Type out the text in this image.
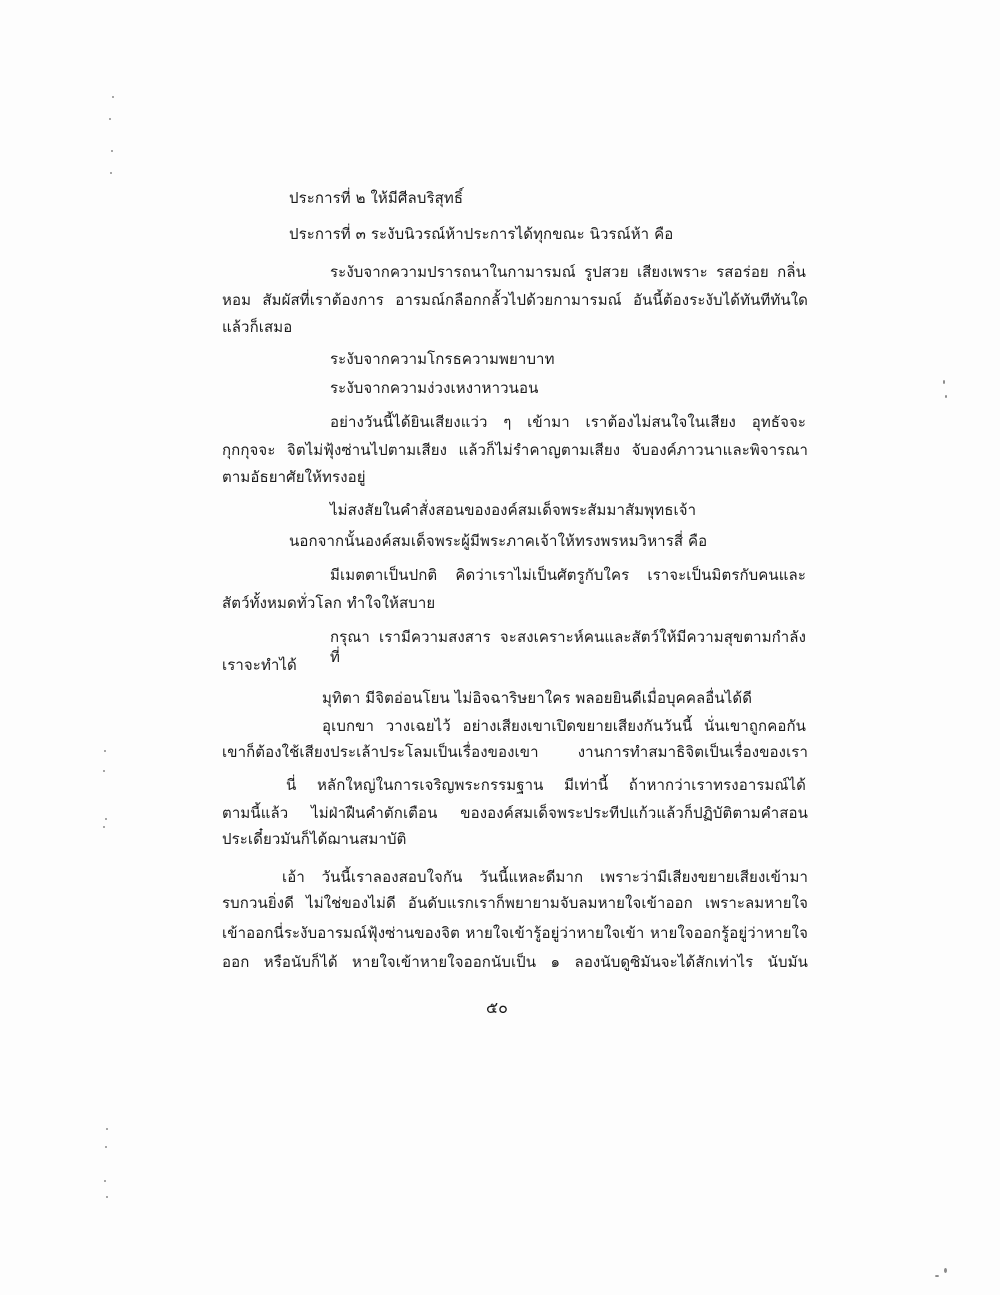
ประการที่ ๒ ให้มีศีลบริสุทธิ์
ประการที่ ๓ ระงับนิวรณ์ห้าประการได้ทุกขณะ นิวรณ์ห้า คือ
ระงับจากความปรารถนาในกามารมณ์ รูปสวย เสียงเพราะ รสอร่อย กลิ่น
หอม สัมผัสที่เราต้องการ อารมณ์กลือกกลั้วไปด้วยกามารมณ์ อันนี้ต้องระงับได้ทันทีทันใด
แล้วก็เสมอ
ระงับจากความโกรธความพยาบาท
ระงับจากความง่วงเหงาหาวนอน
อย่างวันนี้ได้ยินเสียงแว่ว ๆ เข้ามา เราต้องไม่สนใจในเสียง อุทธัจจะ
กุกกุจจะ จิตไม่ฟุ้งซ่านไปตามเสียง แล้วก็ไม่รำคาญตามเสียง จับองค์ภาวนาและพิจารณา
ตามอัธยาศัยให้ทรงอยู่
ไม่สงสัยในคำสั่งสอนขององค์สมเด็จพระสัมมาสัมพุทธเจ้า
นอกจากนั้นองค์สมเด็จพระผู้มีพระภาคเจ้าให้ทรงพรหมวิหารสี่ คือ
มีเมตตาเป็นปกติ คิดว่าเราไม่เป็นศัตรูกับใคร เราจะเป็นมิตรกับคนและ
สัตว์ทั้งหมดทั่วโลก ทำใจให้สบาย
กรุณา เรามีความสงสาร จะสงเคราะห์คนและสัตว์ให้มีความสุขตามกำลังที่
เราจะทำได้
มุทิตา มีจิตอ่อนโยน ไม่อิจฉาริษยาใคร พลอยยินดีเมื่อบุคคลอื่นได้ดี
อุเบกขา วางเฉยไว้ อย่างเสียงเขาเปิดขยายเสียงกันวันนี้ นั่นเขาถูกคอกัน
เขาก็ต้องใช้เสียงประเล้าประโลมเป็นเรื่องของเขา งานการทำสมาธิจิตเป็นเรื่องของเรา
นี่ หลักใหญ่ในการเจริญพระกรรมฐาน มีเท่านี้ ถ้าหากว่าเราทรงอารมณ์ได้
ตามนี้แล้ว ไม่ฝ่าฝืนคำตักเตือน ขององค์สมเด็จพระประทีปแก้วแล้วก็ปฏิบัติตามคำสอน
ประเดี๋ยวมันก็ได้ฌานสมาบัติ
เอ้า วันนี้เราลองสอบใจกัน วันนี้แหละดีมาก เพราะว่ามีเสียงขยายเสียงเข้ามา
รบกวนยิ่งดี ไม่ใช่ของไม่ดี อันดับแรกเราก็พยายามจับลมหายใจเข้าออก เพราะลมหายใจ
เข้าออกนี่ระงับอารมณ์ฟุ้งซ่านของจิต หายใจเข้ารู้อยู่ว่าหายใจเข้า หายใจออกรู้อยู่ว่าหายใจ
ออก หรือนับก็ได้ หายใจเข้าหายใจออกนับเป็น ๑ ลองนับดูซิมันจะได้สักเท่าไร นับมัน
๕๐
